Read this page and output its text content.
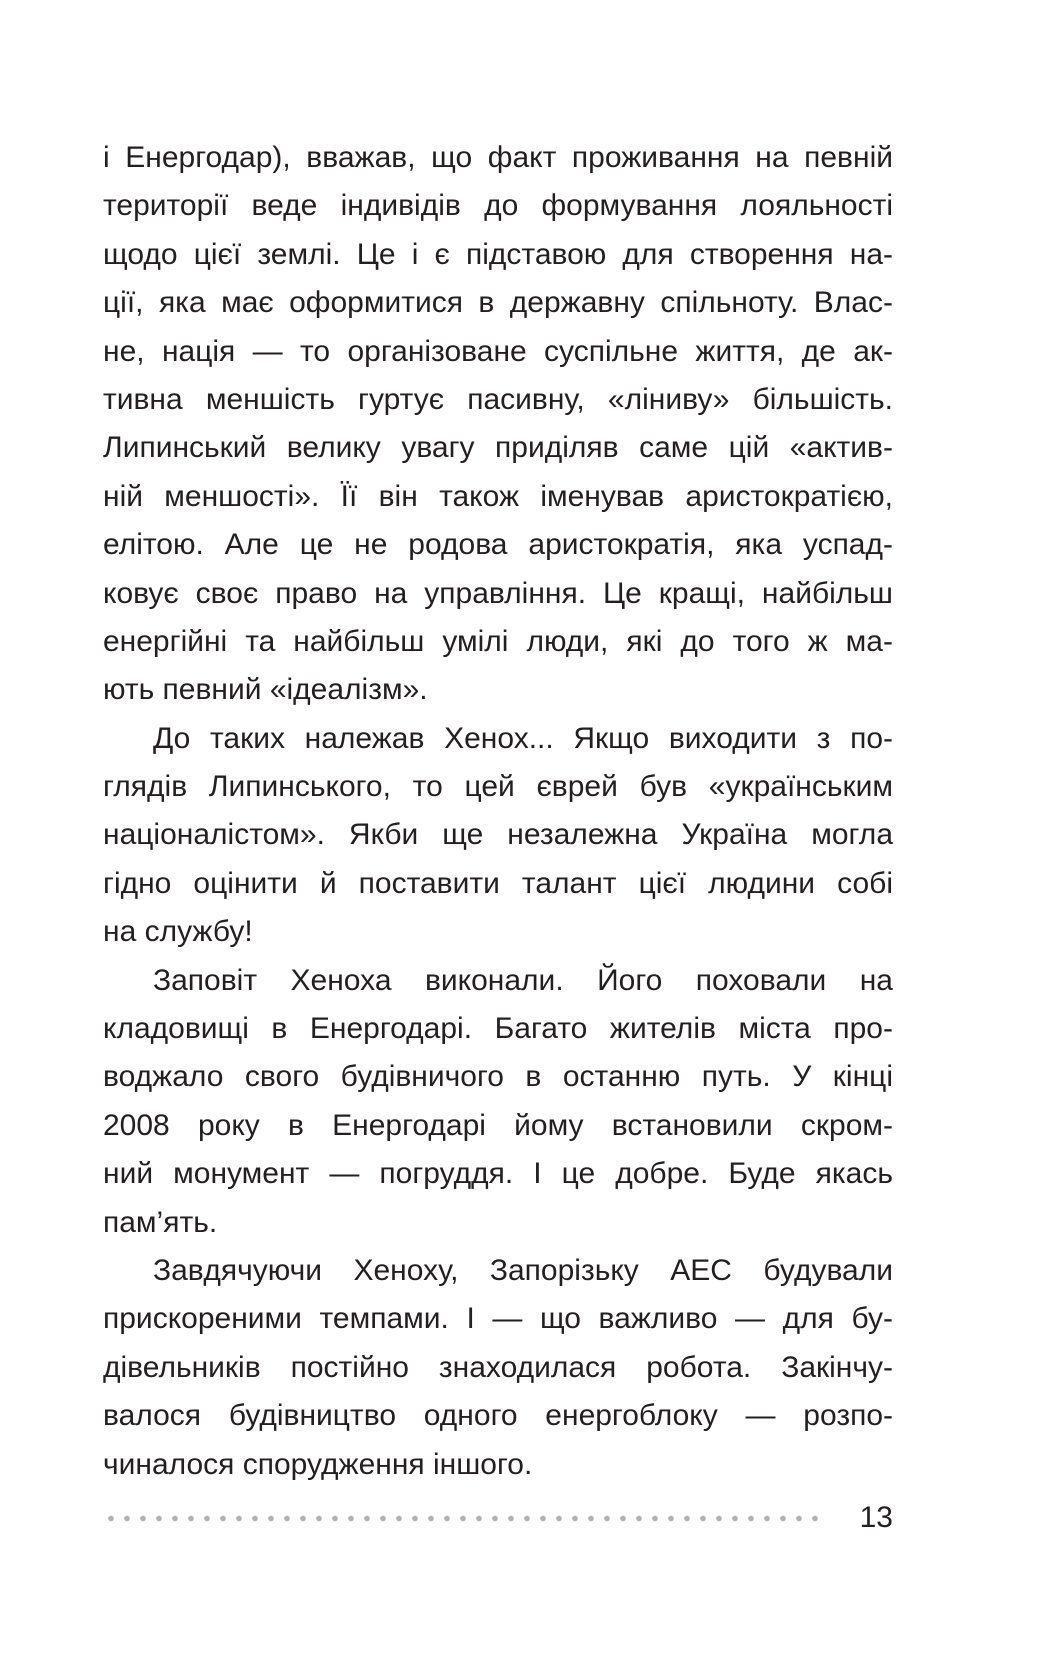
і Енергодар), вважав, що факт проживання на певній
території веде індивідів до формування лояльності
щодо цієї землі. Це і є підставою для створення на-
ції, яка має оформитися в державну спільноту. Влас-
не, нація — то організоване суспільне життя, де ак-
тивна меншість гуртує пасивну, «ліниву» більшість.
Липинський велику увагу приділяв саме цій «актив-
ній меншості». Її він також іменував аристократією,
елітою. Але це не родова аристократія, яка успад-
ковує своє право на управління. Це кращі, найбільш
енергійні та найбільш умілі люди, які до того ж ма-
ють певний «ідеалізм».
До таких належав Хенох... Якщо виходити з по-
глядів Липинського, то цей єврей був «українським
націоналістом». Якби ще незалежна Україна могла
гідно оцінити й поставити талант цієї людини собі
на службу!
Заповіт Хеноха виконали. Його поховали на
кладовищі в Енергодарі. Багато жителів міста про-
воджало свого будівничого в останню путь. У кінці
2008 року в Енергодарі йому встановили скром-
ний монумент — погруддя. І це добре. Буде якась
пам’ять.
Завдячуючи Хеноху, Запорізьку АЕС будували
прискореними темпами. І — що важливо — для бу-
дівельників постійно знаходилася робота. Закінчу-
валося будівництво одного енергоблоку — розпо-
чиналося спорудження іншого.
13
